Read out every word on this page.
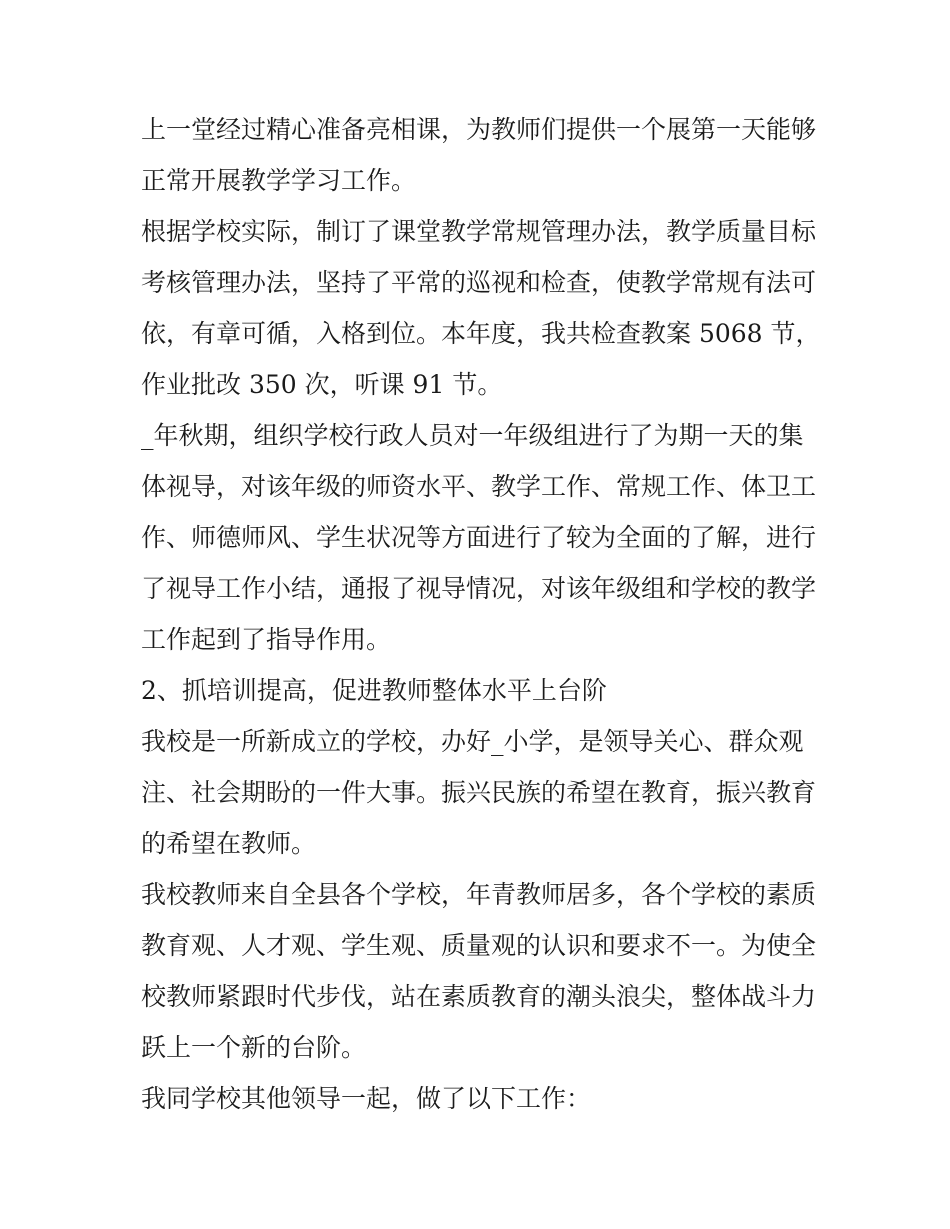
上一堂经过精心准备亮相课，为教师们提供一个展第一天能够
正常开展教学学习工作。
根据学校实际，制订了课堂教学常规管理办法，教学质量目标
考核管理办法，坚持了平常的巡视和检查，使教学常规有法可
依，有章可循，入格到位。本年度，我共检查教案 5068 节，
作业批改 350 次，听课 91 节。
_年秋期，组织学校行政人员对一年级组进行了为期一天的集
体视导，对该年级的师资水平、教学工作、常规工作、体卫工
作、师德师风、学生状况等方面进行了较为全面的了解，进行
了视导工作小结，通报了视导情况，对该年级组和学校的教学
工作起到了指导作用。
2、抓培训提高，促进教师整体水平上台阶
我校是一所新成立的学校，办好_小学，是领导关心、群众观
注、社会期盼的一件大事。振兴民族的希望在教育，振兴教育
的希望在教师。
我校教师来自全县各个学校，年青教师居多，各个学校的素质
教育观、人才观、学生观、质量观的认识和要求不一。为使全
校教师紧跟时代步伐，站在素质教育的潮头浪尖，整体战斗力
跃上一个新的台阶。
我同学校其他领导一起，做了以下工作：
